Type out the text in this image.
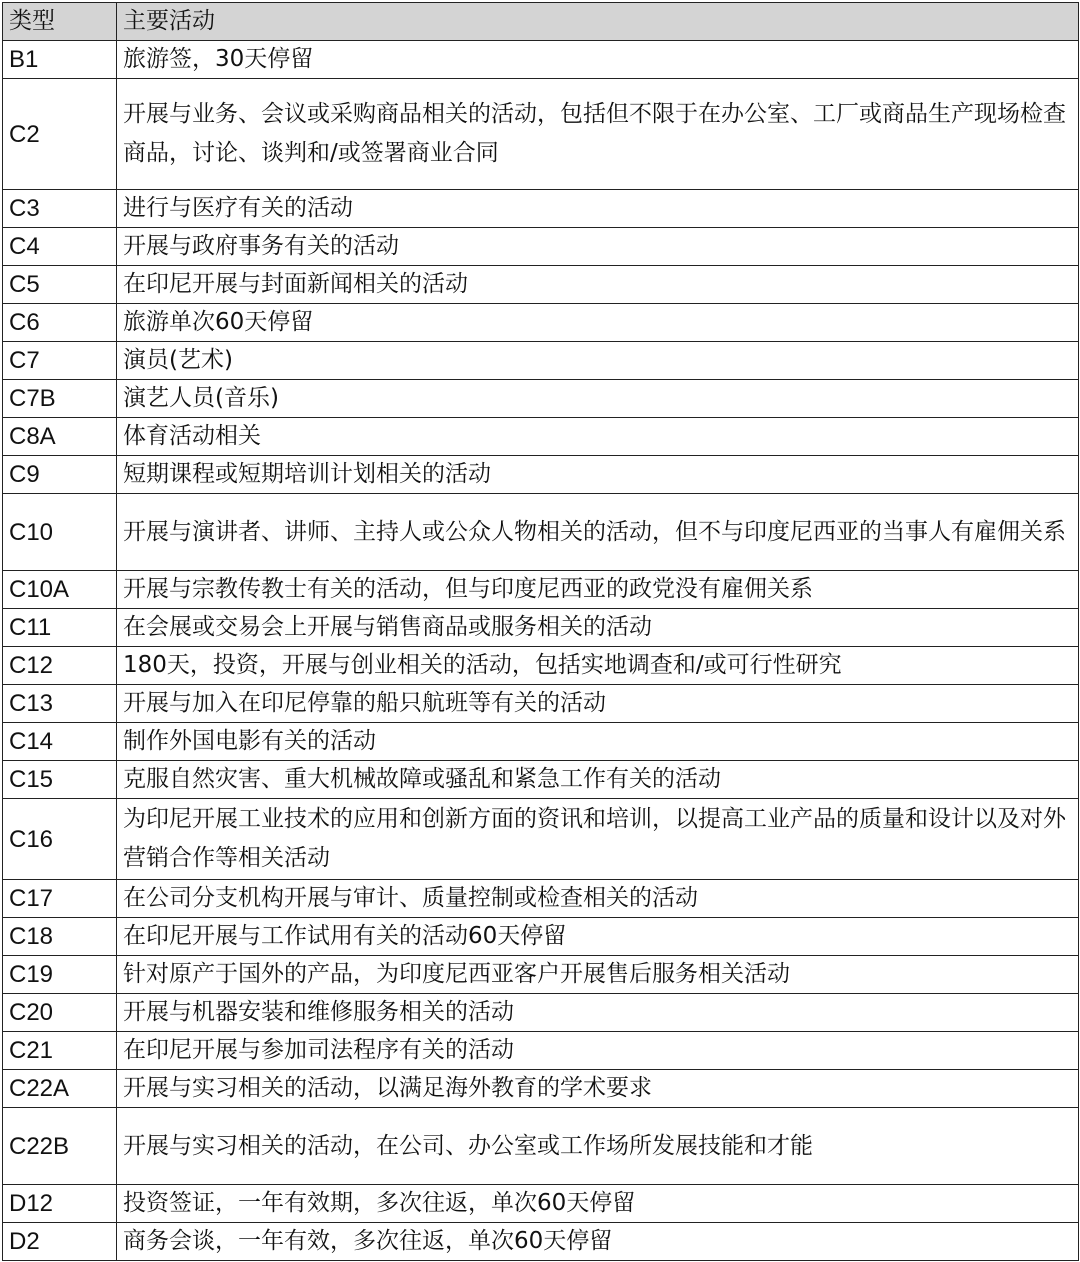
类型	主要活动
B1	旅游签，30天停留
C2	开展与业务、会议或采购商品相关的活动，包括但不限于在办公室、工厂或商品生产现场检查商品，讨论、谈判和/或签署商业合同
C3	进行与医疗有关的活动
C4	开展与政府事务有关的活动
C5	在印尼开展与封面新闻相关的活动
C6	旅游单次60天停留
C7	演员(艺术)
C7B	演艺人员(音乐)
C8A	体育活动相关
C9	短期课程或短期培训计划相关的活动
C10	开展与演讲者、讲师、主持人或公众人物相关的活动，但不与印度尼西亚的当事人有雇佣关系
C10A	开展与宗教传教士有关的活动，但与印度尼西亚的政党没有雇佣关系
C11	在会展或交易会上开展与销售商品或服务相关的活动
C12	180天，投资，开展与创业相关的活动，包括实地调查和/或可行性研究
C13	开展与加入在印尼停靠的船只航班等有关的活动
C14	制作外国电影有关的活动
C15	克服自然灾害、重大机械故障或骚乱和紧急工作有关的活动
C16	为印尼开展工业技术的应用和创新方面的资讯和培训，以提高工业产品的质量和设计以及对外营销合作等相关活动
C17	在公司分支机构开展与审计、质量控制或检查相关的活动
C18	在印尼开展与工作试用有关的活动60天停留
C19	针对原产于国外的产品，为印度尼西亚客户开展售后服务相关活动
C20	开展与机器安装和维修服务相关的活动
C21	在印尼开展与参加司法程序有关的活动
C22A	开展与实习相关的活动，以满足海外教育的学术要求
C22B	开展与实习相关的活动，在公司、办公室或工作场所发展技能和才能
D12	投资签证，一年有效期，多次往返，单次60天停留
D2	商务会谈，一年有效，多次往返，单次60天停留
